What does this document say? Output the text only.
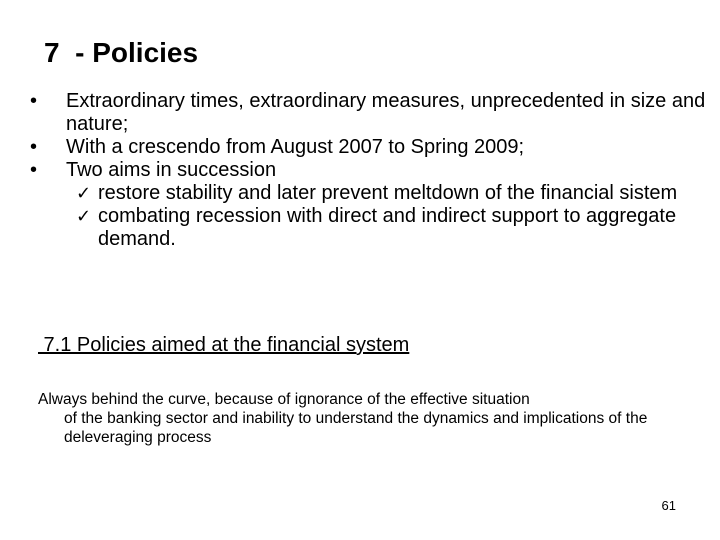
7  - Policies

•	Extraordinary times, extraordinary measures, unprecedented in size and nature;

•	With a crescendo from August 2007 to Spring 2009;

•	Two aims in succession

✓ restore stability and later prevent meltdown of the financial sistem

✓ combating recession with direct and indirect support to aggregate demand.

7.1 Policies aimed at the financial system
Always behind the curve, because of ignorance of the effective situation
of the banking sector and inability to understand the dynamics and implications of the deleveraging process
61
